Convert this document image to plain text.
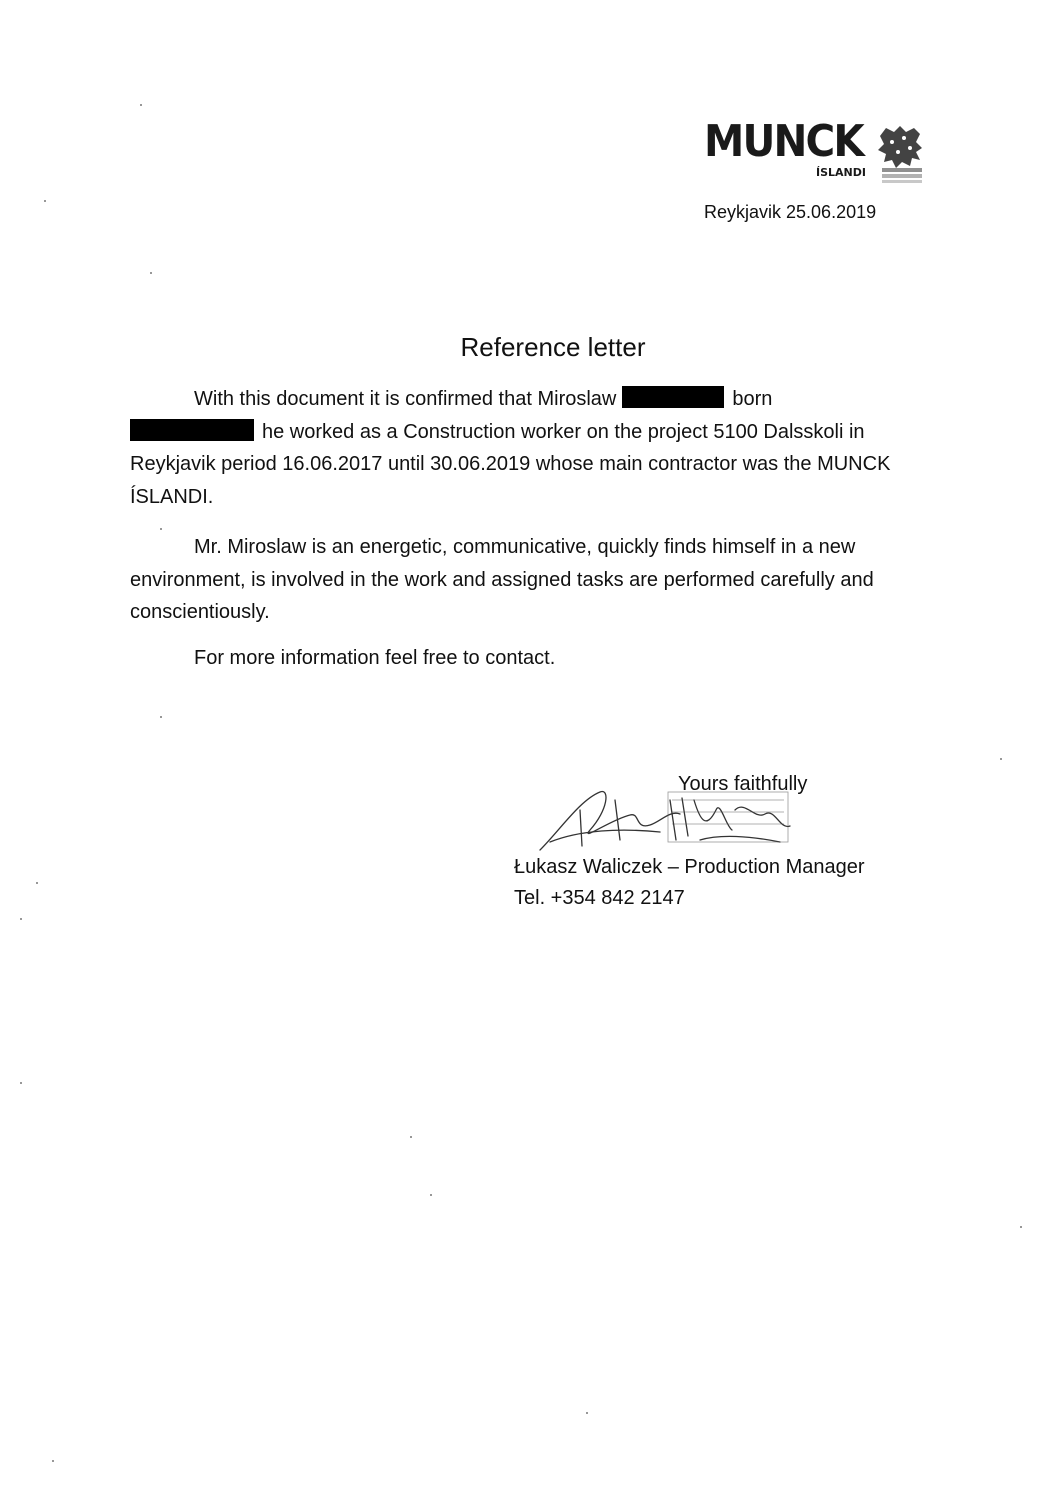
MUNCK
ÍSLANDI
Reykjavik 25.06.2019
Reference letter
With this document it is confirmed that Miroslaw	born
he worked as a Construction worker on the project 5100 Dalsskoli in Reykjavik period 16.06.2017 until 30.06.2019 whose main contractor was the MUNCK ÍSLANDI.
Mr. Miroslaw is an energetic, communicative, quickly finds himself in a new environment, is involved in the work and assigned tasks are performed carefully and conscientiously.
For more information feel free to contact.
Yours faithfully
Łukasz Waliczek – Production Manager
Tel. +354 842 2147
